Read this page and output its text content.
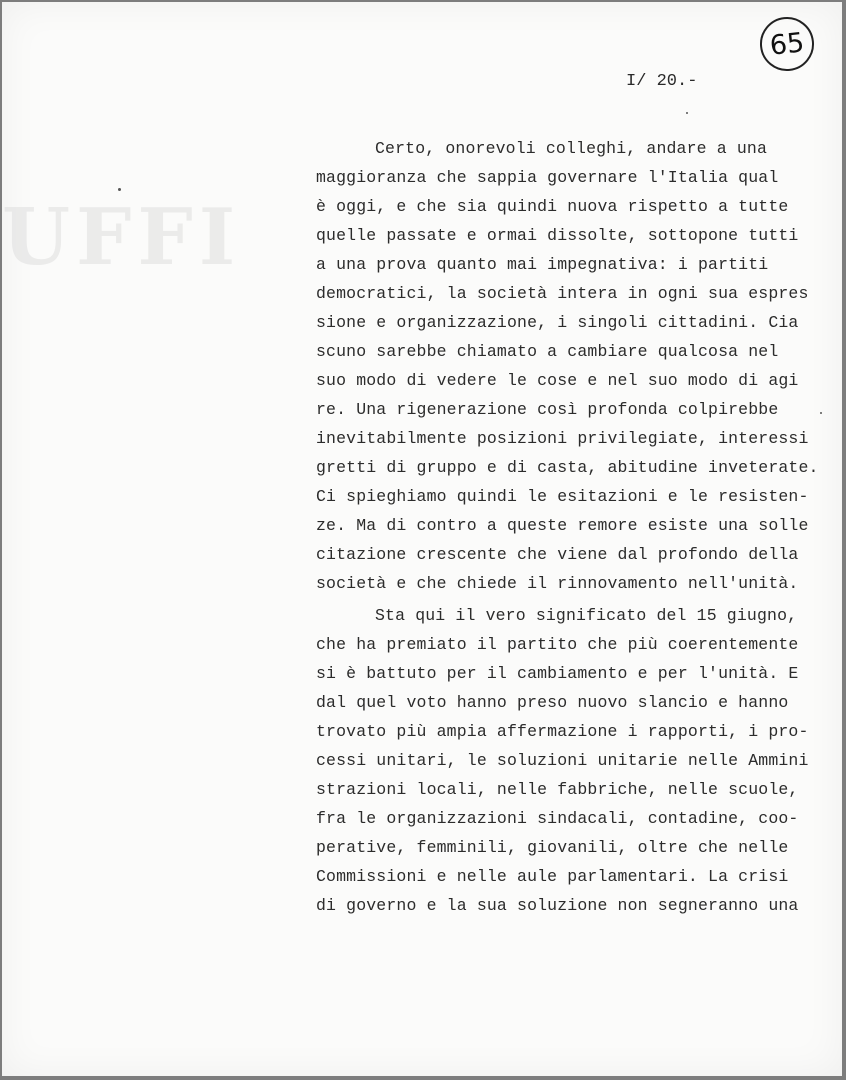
UFFI
65
I/ 20.-

Certo, onorevoli colleghi, andare a una

maggioranza che sappia governare l'Italia qual

è oggi, e che sia quindi nuova rispetto a tutte

quelle passate e ormai dissolte, sottopone tutti

a una prova quanto mai impegnativa: i partiti

democratici, la società intera in ogni sua espres

sione e organizzazione, i singoli cittadini. Cia

scuno sarebbe chiamato a cambiare qualcosa nel

suo modo di vedere le cose e nel suo modo di agi

re. Una rigenerazione così profonda colpirebbe

inevitabilmente posizioni privilegiate, interessi

gretti di gruppo e di casta, abitudine inveterate.

Ci spieghiamo quindi le esitazioni e le resisten-

ze. Ma di contro a queste remore esiste una solle

citazione crescente che viene dal profondo della

società e che chiede il rinnovamento nell'unità.

Sta qui il vero significato del 15 giugno,

che ha premiato il partito che più coerentemente

si è battuto per il cambiamento e per l'unità. E

dal quel voto hanno preso nuovo slancio e hanno

trovato più ampia affermazione i rapporti, i pro-

cessi unitari, le soluzioni unitarie nelle Ammini

strazioni locali, nelle fabbriche, nelle scuole,

fra le organizzazioni sindacali, contadine, coo-

perative, femminili, giovanili, oltre che nelle

Commissioni e nelle aule parlamentari. La crisi

di governo e la sua soluzione non segneranno una
